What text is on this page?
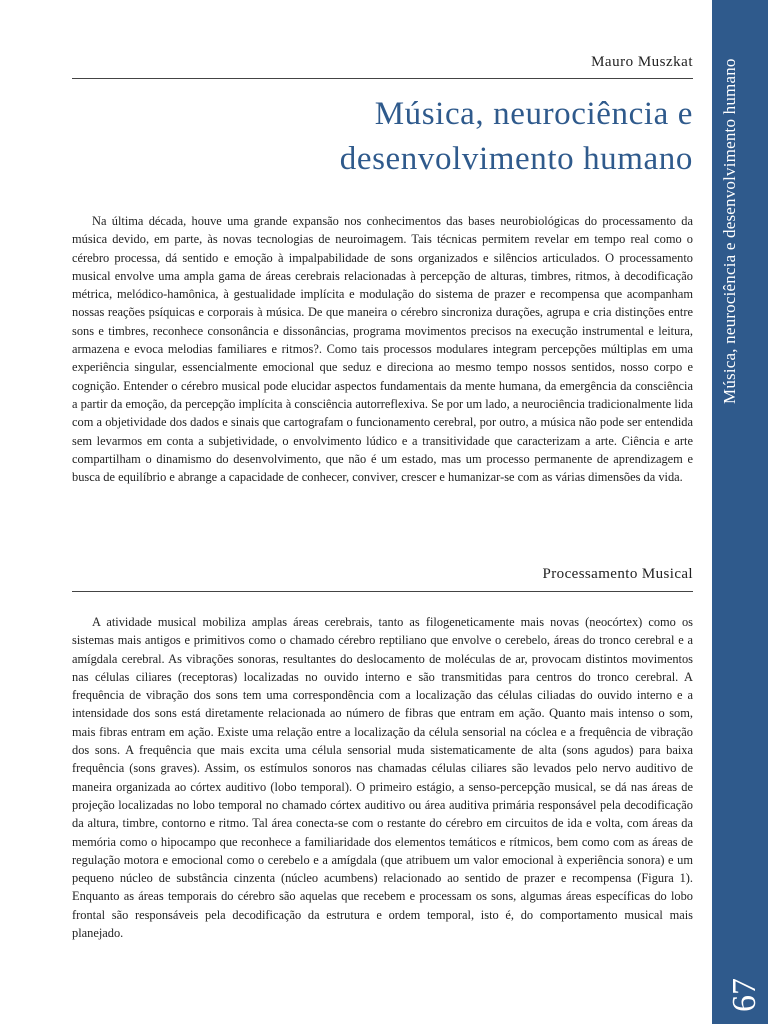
Música, neurociência e desenvolvimento humano
67
Mauro Muszkat
Música, neurociência e
desenvolvimento humano

Na última década, houve uma grande expansão nos conhecimentos das bases neurobiológicas do processamento da música devido, em parte, às novas tecnologias de neuroimagem. Tais técnicas permitem revelar em tempo real como o cérebro processa, dá sentido e emoção à impalpabilidade de sons organizados e silêncios articulados. O processamento musical envolve uma ampla gama de áreas cerebrais relacionadas à percepção de alturas, timbres, ritmos, à decodificação métrica, melódico-hamônica, à gestualidade implícita e modulação do sistema de prazer e recompensa que acompanham nossas reações psíquicas e corporais à música. De que maneira o cérebro sincroniza durações, agrupa e cria distinções entre sons e timbres, reconhece consonância e dissonâncias, programa movimentos precisos na execução instrumental e leitura, armazena e evoca melodias familiares e ritmos?. Como tais processos modulares integram percepções múltiplas em uma experiência singular, essencialmente emocional que seduz e direciona ao mesmo tempo nossos sentidos, nosso corpo e cognição. Entender o cérebro musical pode elucidar aspectos fundamentais da mente humana, da emergência da consciência a partir da emoção, da percepção implícita à consciência autorreflexiva. Se por um lado, a neurociência tradicionalmente lida com a objetividade dos dados e sinais que cartografam o funcionamento cerebral, por outro, a música não pode ser entendida sem levarmos em conta a subjetividade, o envolvimento lúdico e a transitividade que caracterizam a arte. Ciência e arte compartilham o dinamismo do desenvolvimento, que não é um estado, mas um processo permanente de aprendizagem e busca de equilíbrio e abrange a capacidade de conhecer, conviver, crescer e humanizar-se com as várias dimensões da vida.

Processamento Musical

A atividade musical mobiliza amplas áreas cerebrais, tanto as filogeneticamente mais novas (neocórtex) como os sistemas mais antigos e primitivos como o chamado cérebro reptiliano que envolve o cerebelo, áreas do tronco cerebral e a amígdala cerebral. As vibrações sonoras, resultantes do deslocamento de moléculas de ar, provocam distintos movimentos nas células ciliares (receptoras) localizadas no ouvido interno e são transmitidas para centros do tronco cerebral. A frequência de vibração dos sons tem uma correspondência com a localização das células ciliadas do ouvido interno e a intensidade dos sons está diretamente relacionada ao número de fibras que entram em ação. Quanto mais intenso o som, mais fibras entram em ação. Existe uma relação entre a localização da célula sensorial na cóclea e a frequência de vibração dos sons. A frequência que mais excita uma célula sensorial muda sistematicamente de alta (sons agudos) para baixa frequência (sons graves). Assim, os estímulos sonoros nas chamadas células ciliares são levados pelo nervo auditivo de maneira organizada ao córtex auditivo (lobo temporal). O primeiro estágio, a senso-percepção musical, se dá nas áreas de projeção localizadas no lobo temporal no chamado córtex auditivo ou área auditiva primária responsável pela decodificação da altura, timbre, contorno e ritmo. Tal área conecta-se com o restante do cérebro em circuitos de ida e volta, com áreas da memória como o hipocampo que reconhece a familiaridade dos elementos temáticos e rítmicos, bem como com as áreas de regulação motora e emocional como o cerebelo e a amígdala (que atribuem um valor emocional à experiência sonora) e um pequeno núcleo de substância cinzenta (núcleo acumbens) relacionado ao sentido de prazer e recompensa (Figura 1). Enquanto as áreas temporais do cérebro são aquelas que recebem e processam os sons, algumas áreas específicas do lobo frontal são responsáveis pela decodificação da estrutura e ordem temporal, isto é, do comportamento musical mais planejado.
